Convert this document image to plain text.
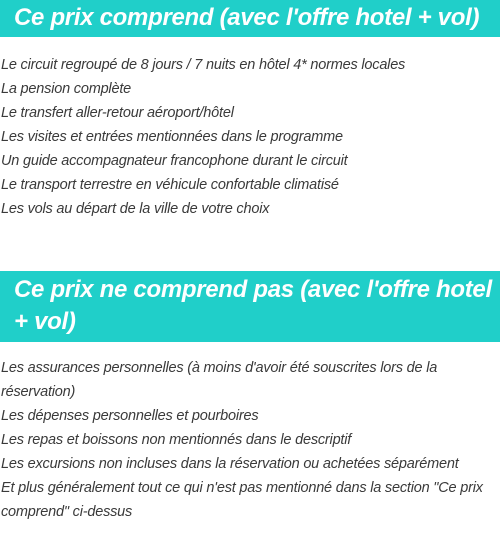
Ce prix comprend (avec l'offre hotel + vol)
Le circuit regroupé de 8 jours / 7 nuits en hôtel 4* normes locales
La pension complète
Le transfert aller-retour aéroport/hôtel
Les visites et entrées mentionnées dans le programme
Un guide accompagnateur francophone durant le circuit
Le transport terrestre en véhicule confortable climatisé
Les vols au départ de la ville de votre choix
Ce prix ne comprend pas (avec l'offre hotel + vol)
Les assurances personnelles (à moins d'avoir été souscrites lors de la réservation)
Les dépenses personnelles et pourboires
Les repas et boissons non mentionnés dans le descriptif
Les excursions non incluses dans la réservation ou achetées séparément
Et plus généralement tout ce qui n'est pas mentionné dans la section "Ce prix comprend" ci-dessus
